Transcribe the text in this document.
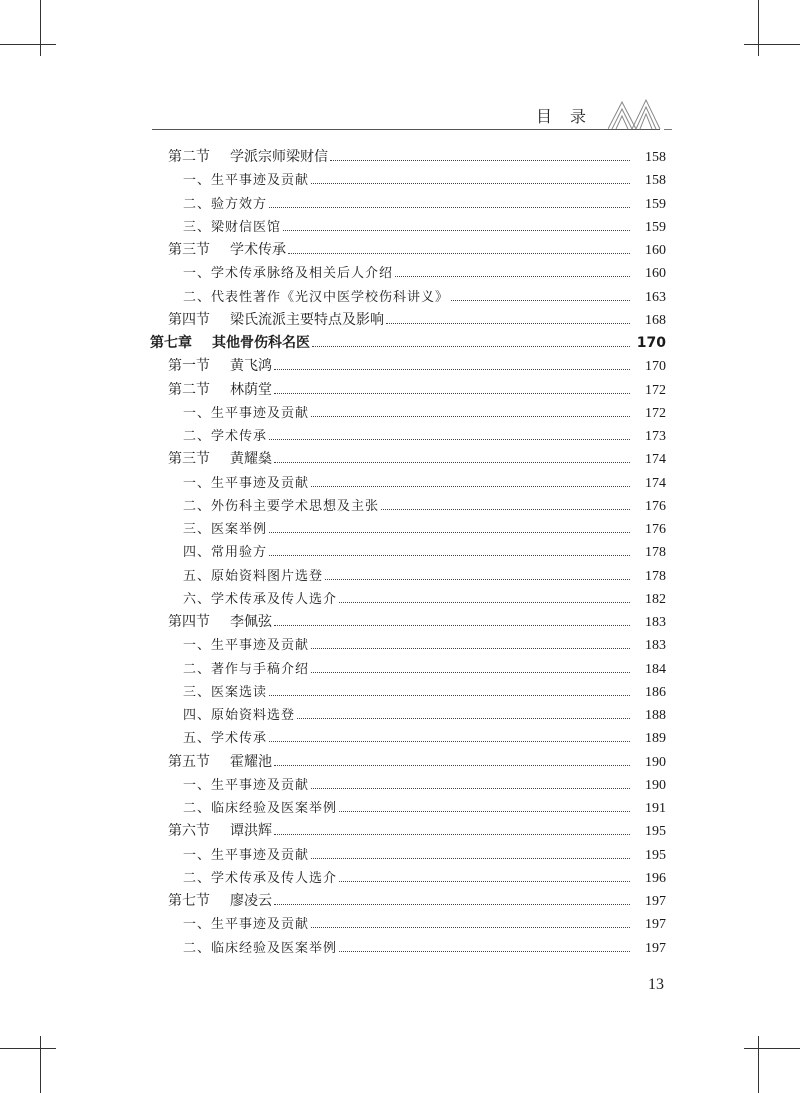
目录
第二节 学派宗师梁财信	158
一、生平事迹及贡献	158
二、验方效方	159
三、梁财信医馆	159
第三节 学术传承	160
一、学术传承脉络及相关后人介绍	160
二、代表性著作《光汉中医学校伤科讲义》	163
第四节 梁氏流派主要特点及影响	168
第七章 其他骨伤科名医	170
第一节 黄飞鸿	170
第二节 林荫堂	172
一、生平事迹及贡献	172
二、学术传承	173
第三节 黄耀燊	174
一、生平事迹及贡献	174
二、外伤科主要学术思想及主张	176
三、医案举例	176
四、常用验方	178
五、原始资料图片选登	178
六、学术传承及传人选介	182
第四节 李佩弦	183
一、生平事迹及贡献	183
二、著作与手稿介绍	184
三、医案选读	186
四、原始资料选登	188
五、学术传承	189
第五节 霍耀池	190
一、生平事迹及贡献	190
二、临床经验及医案举例	191
第六节 谭洪辉	195
一、生平事迹及贡献	195
二、学术传承及传人选介	196
第七节 廖凌云	197
一、生平事迹及贡献	197
二、临床经验及医案举例	197
13
